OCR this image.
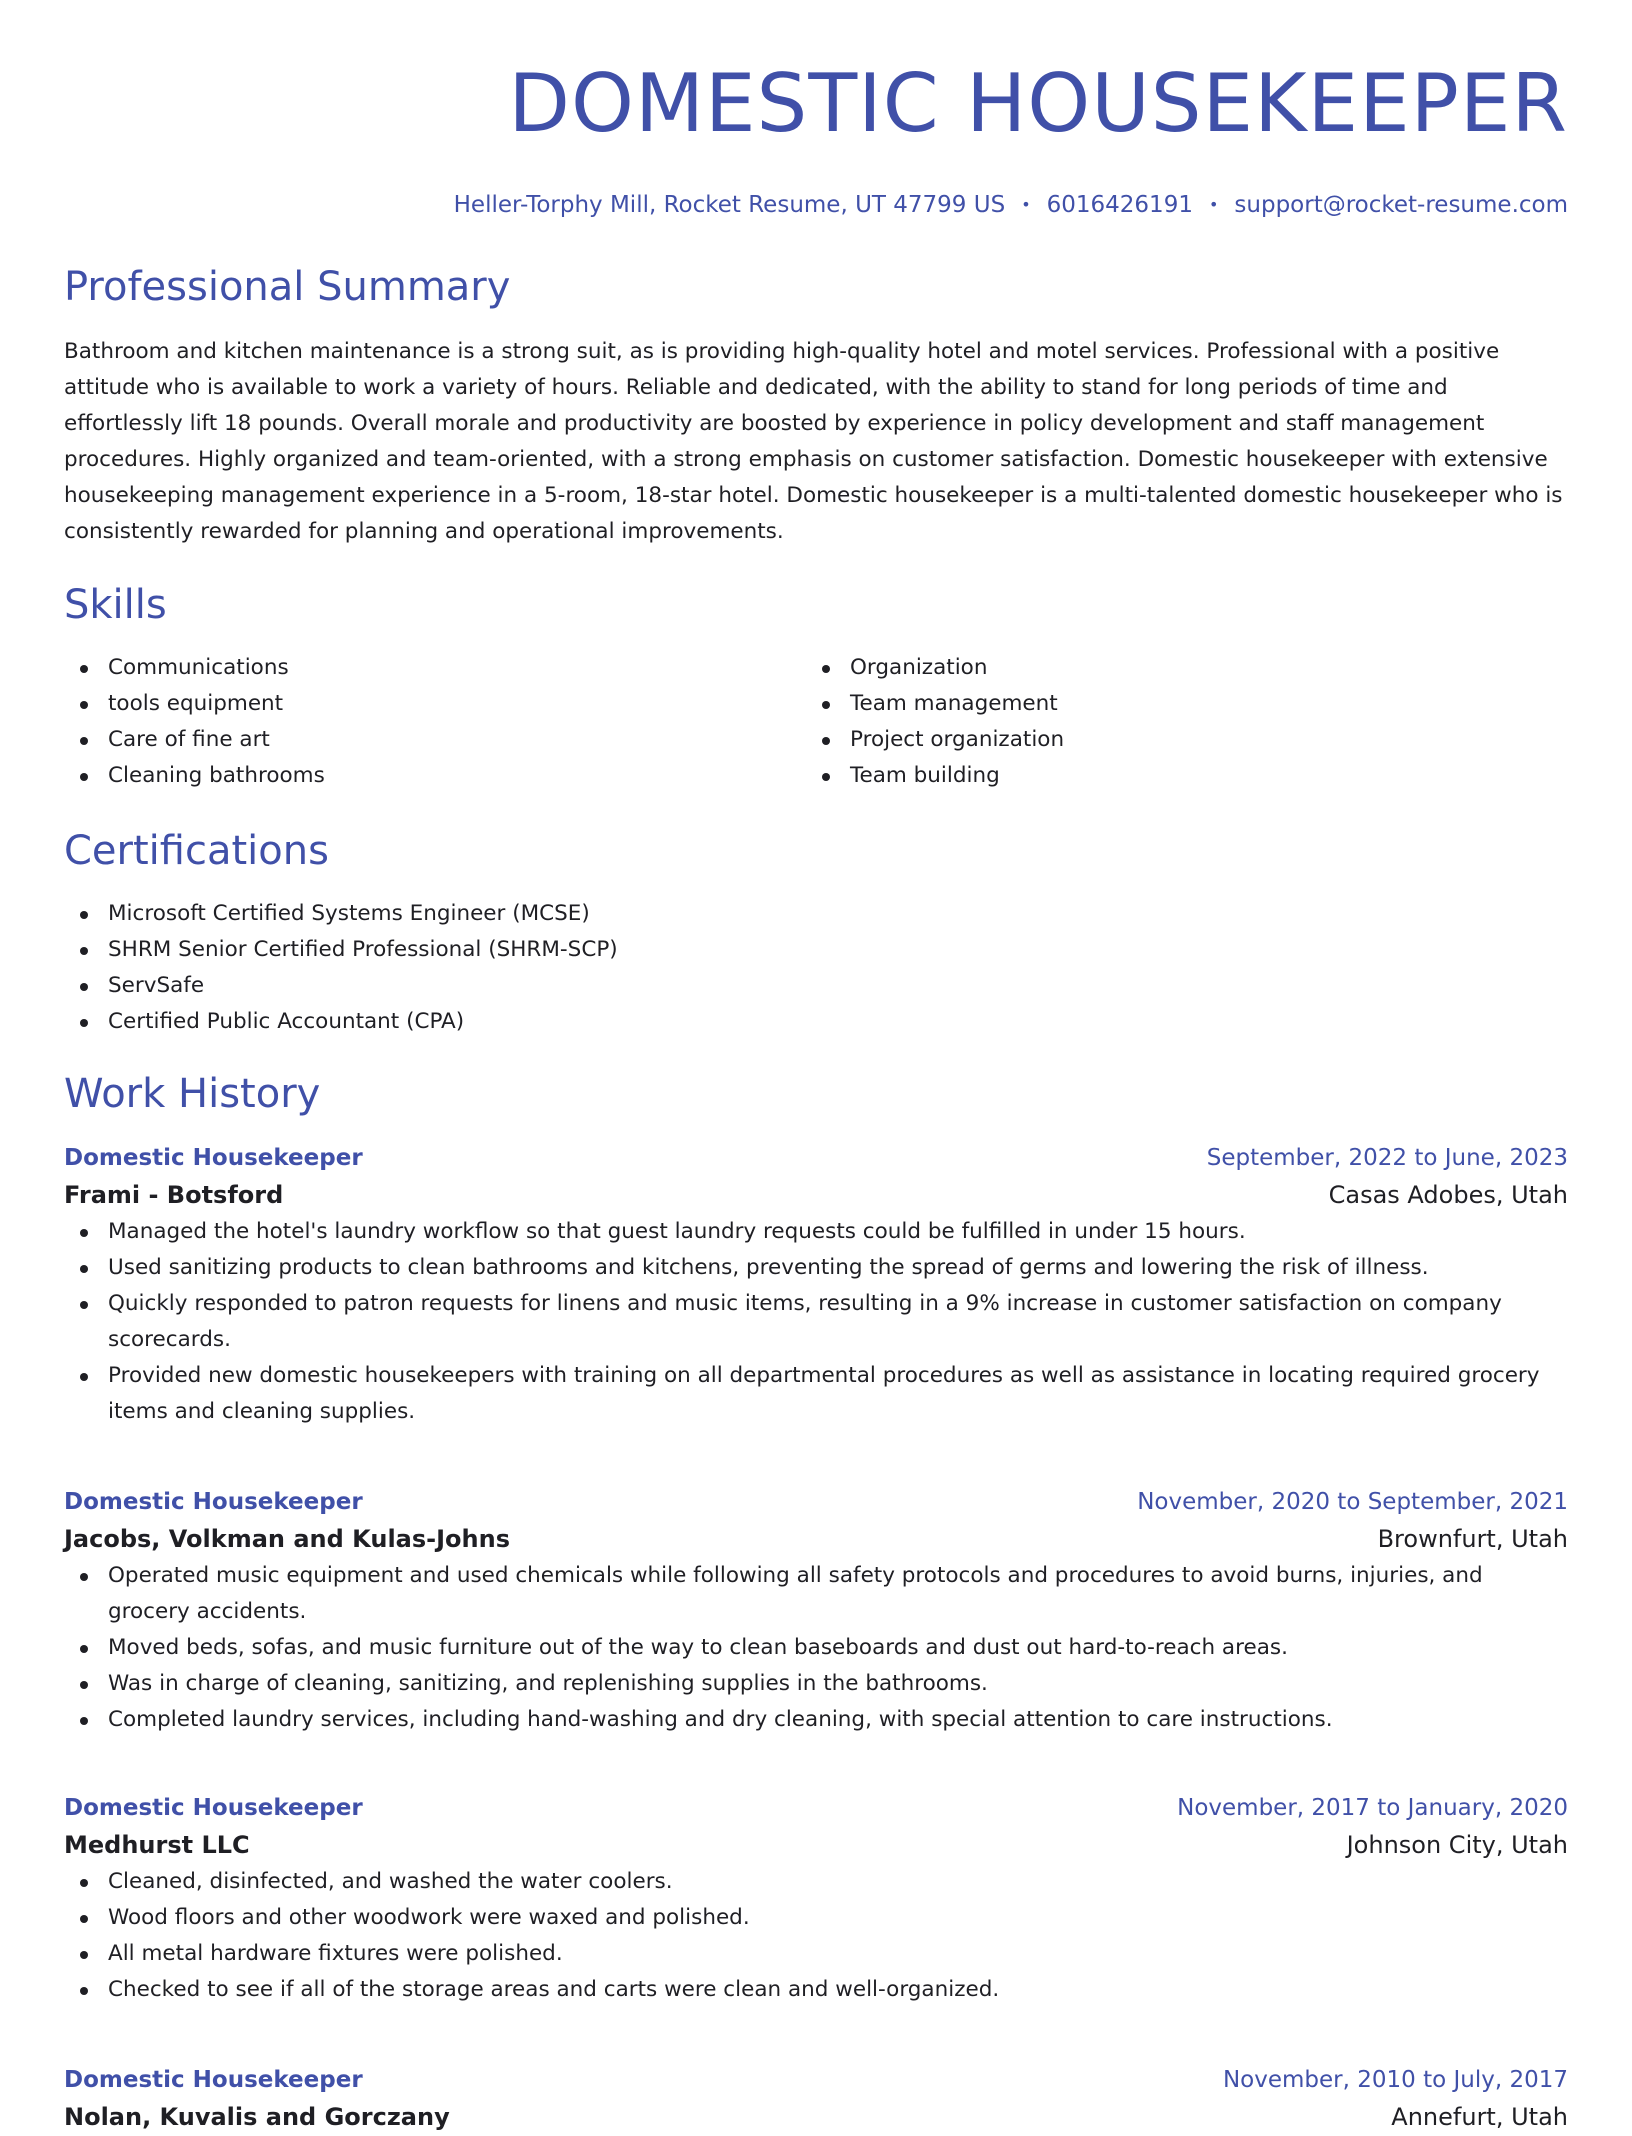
DOMESTIC HOUSEKEEPER
Heller-Torphy Mill, Rocket Resume, UT 47799 US • 6016426191 • support@rocket-resume.com
Professional Summary

Bathroom and kitchen maintenance is a strong suit, as is providing high-quality hotel and motel services. Professional with a positive attitude who is available to work a variety of hours. Reliable and dedicated, with the ability to stand for long periods of time and effortlessly lift 18 pounds. Overall morale and productivity are boosted by experience in policy development and staff management procedures. Highly organized and team-oriented, with a strong emphasis on customer satisfaction. Domestic housekeeper with extensive housekeeping management experience in a 5-room, 18-star hotel. Domestic housekeeper is a multi-talented domestic housekeeper who is consistently rewarded for planning and operational improvements.

Skills
Communications
tools equipment
Care of fine art
Cleaning bathrooms
Organization
Team management
Project organization
Team building
Certifications
Microsoft Certified Systems Engineer (MCSE)
SHRM Senior Certified Professional (SHRM-SCP)
ServSafe
Certified Public Accountant (CPA)
Work History
Domestic Housekeeper	September, 2022 to June, 2023
Frami - Botsford	Casas Adobes, Utah
Managed the hotel's laundry workflow so that guest laundry requests could be fulfilled in under 15 hours.
Used sanitizing products to clean bathrooms and kitchens, preventing the spread of germs and lowering the risk of illness.
Quickly responded to patron requests for linens and music items, resulting in a 9% increase in customer satisfaction on company scorecards.
Provided new domestic housekeepers with training on all departmental procedures as well as assistance in locating required grocery items and cleaning supplies.
Domestic Housekeeper	November, 2020 to September, 2021
Jacobs, Volkman and Kulas-Johns	Brownfurt, Utah
Operated music equipment and used chemicals while following all safety protocols and procedures to avoid burns, injuries, and grocery accidents.
Moved beds, sofas, and music furniture out of the way to clean baseboards and dust out hard-to-reach areas.
Was in charge of cleaning, sanitizing, and replenishing supplies in the bathrooms.
Completed laundry services, including hand-washing and dry cleaning, with special attention to care instructions.
Domestic Housekeeper	November, 2017 to January, 2020
Medhurst LLC	Johnson City, Utah
Cleaned, disinfected, and washed the water coolers.
Wood floors and other woodwork were waxed and polished.
All metal hardware fixtures were polished.
Checked to see if all of the storage areas and carts were clean and well-organized.
Domestic Housekeeper	November, 2010 to July, 2017
Nolan, Kuvalis and Gorczany	Annefurt, Utah
